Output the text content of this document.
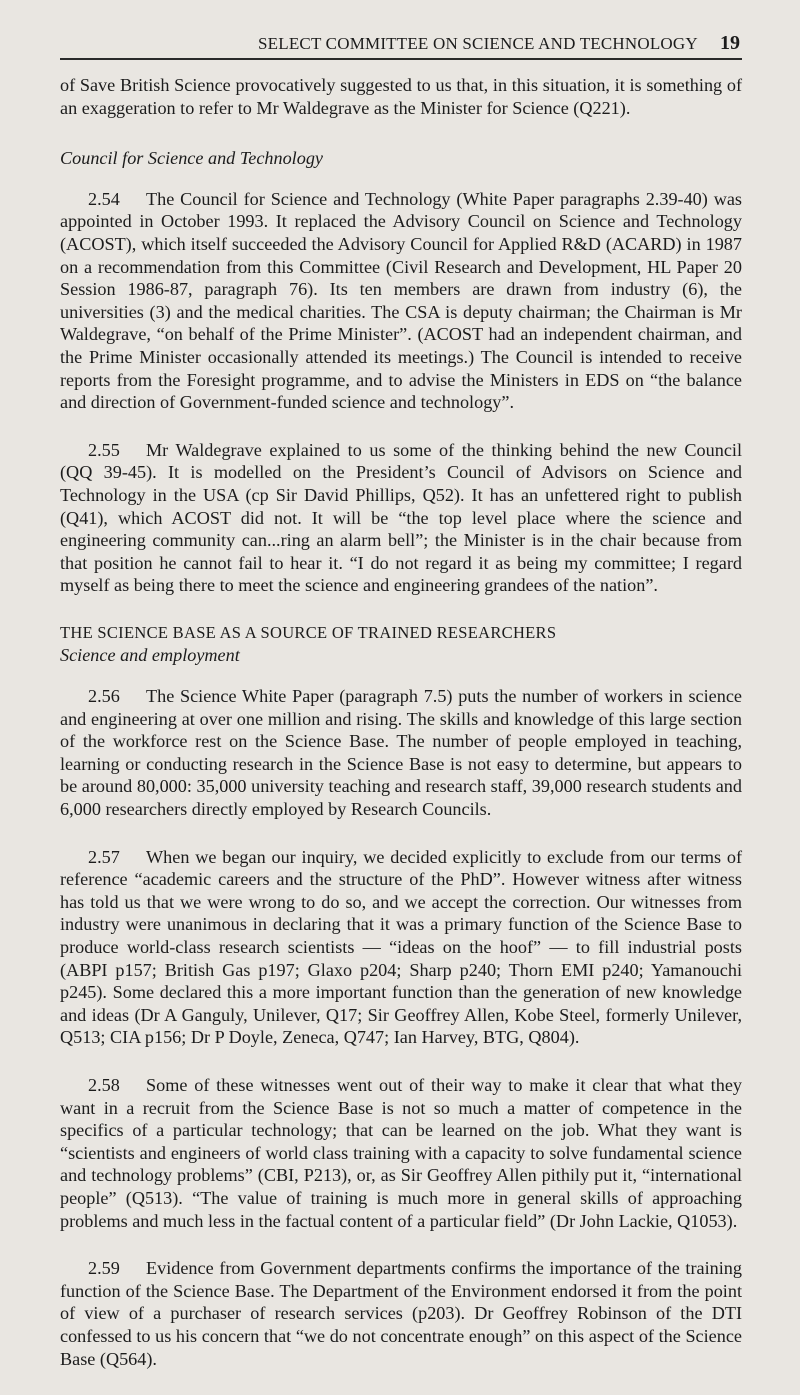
SELECT COMMITTEE ON SCIENCE AND TECHNOLOGY 19

of Save British Science provocatively suggested to us that, in this situation, it is something of an exaggeration to refer to Mr Waldegrave as the Minister for Science (Q221).

Council for Science and Technology

2.54 The Council for Science and Technology (White Paper paragraphs 2.39-40) was appointed in October 1993. It replaced the Advisory Council on Science and Technology (ACOST), which itself succeeded the Advisory Council for Applied R&D (ACARD) in 1987 on a recommendation from this Committee (Civil Research and Development, HL Paper 20 Session 1986-87, paragraph 76). Its ten members are drawn from industry (6), the universities (3) and the medical charities. The CSA is deputy chairman; the Chairman is Mr Waldegrave, “on behalf of the Prime Minister”. (ACOST had an independent chairman, and the Prime Minister occasionally attended its meetings.) The Council is intended to receive reports from the Foresight programme, and to advise the Ministers in EDS on “the balance and direction of Government-funded science and technology”.

2.55 Mr Waldegrave explained to us some of the thinking behind the new Council (QQ 39-45). It is modelled on the President’s Council of Advisors on Science and Technology in the USA (cp Sir David Phillips, Q52). It has an unfettered right to publish (Q41), which ACOST did not. It will be “the top level place where the science and engineering community can...ring an alarm bell”; the Minister is in the chair because from that position he cannot fail to hear it. “I do not regard it as being my committee; I regard myself as being there to meet the science and engineering grandees of the nation”.

THE SCIENCE BASE AS A SOURCE OF TRAINED RESEARCHERS
Science and employment

2.56 The Science White Paper (paragraph 7.5) puts the number of workers in science and engineering at over one million and rising. The skills and knowledge of this large section of the workforce rest on the Science Base. The number of people employed in teaching, learning or conducting research in the Science Base is not easy to determine, but appears to be around 80,000: 35,000 university teaching and research staff, 39,000 research students and 6,000 researchers directly employed by Research Councils.

2.57 When we began our inquiry, we decided explicitly to exclude from our terms of reference “academic careers and the structure of the PhD”. However witness after witness has told us that we were wrong to do so, and we accept the correction. Our witnesses from industry were unanimous in declaring that it was a primary function of the Science Base to produce world-class research scientists — “ideas on the hoof” — to fill industrial posts (ABPI p157; British Gas p197; Glaxo p204; Sharp p240; Thorn EMI p240; Yamanouchi p245). Some declared this a more important function than the generation of new knowledge and ideas (Dr A Ganguly, Unilever, Q17; Sir Geoffrey Allen, Kobe Steel, formerly Unilever, Q513; CIA p156; Dr P Doyle, Zeneca, Q747; Ian Harvey, BTG, Q804).

2.58 Some of these witnesses went out of their way to make it clear that what they want in a recruit from the Science Base is not so much a matter of competence in the specifics of a particular technology; that can be learned on the job. What they want is “scientists and engineers of world class training with a capacity to solve fundamental science and technology problems” (CBI, P213), or, as Sir Geoffrey Allen pithily put it, “international people” (Q513). “The value of training is much more in general skills of approaching problems and much less in the factual content of a particular field” (Dr John Lackie, Q1053).

2.59 Evidence from Government departments confirms the importance of the training function of the Science Base. The Department of the Environment endorsed it from the point of view of a purchaser of research services (p203). Dr Geoffrey Robinson of the DTI confessed to us his concern that “we do not concentrate enough” on this aspect of the Science Base (Q564).
